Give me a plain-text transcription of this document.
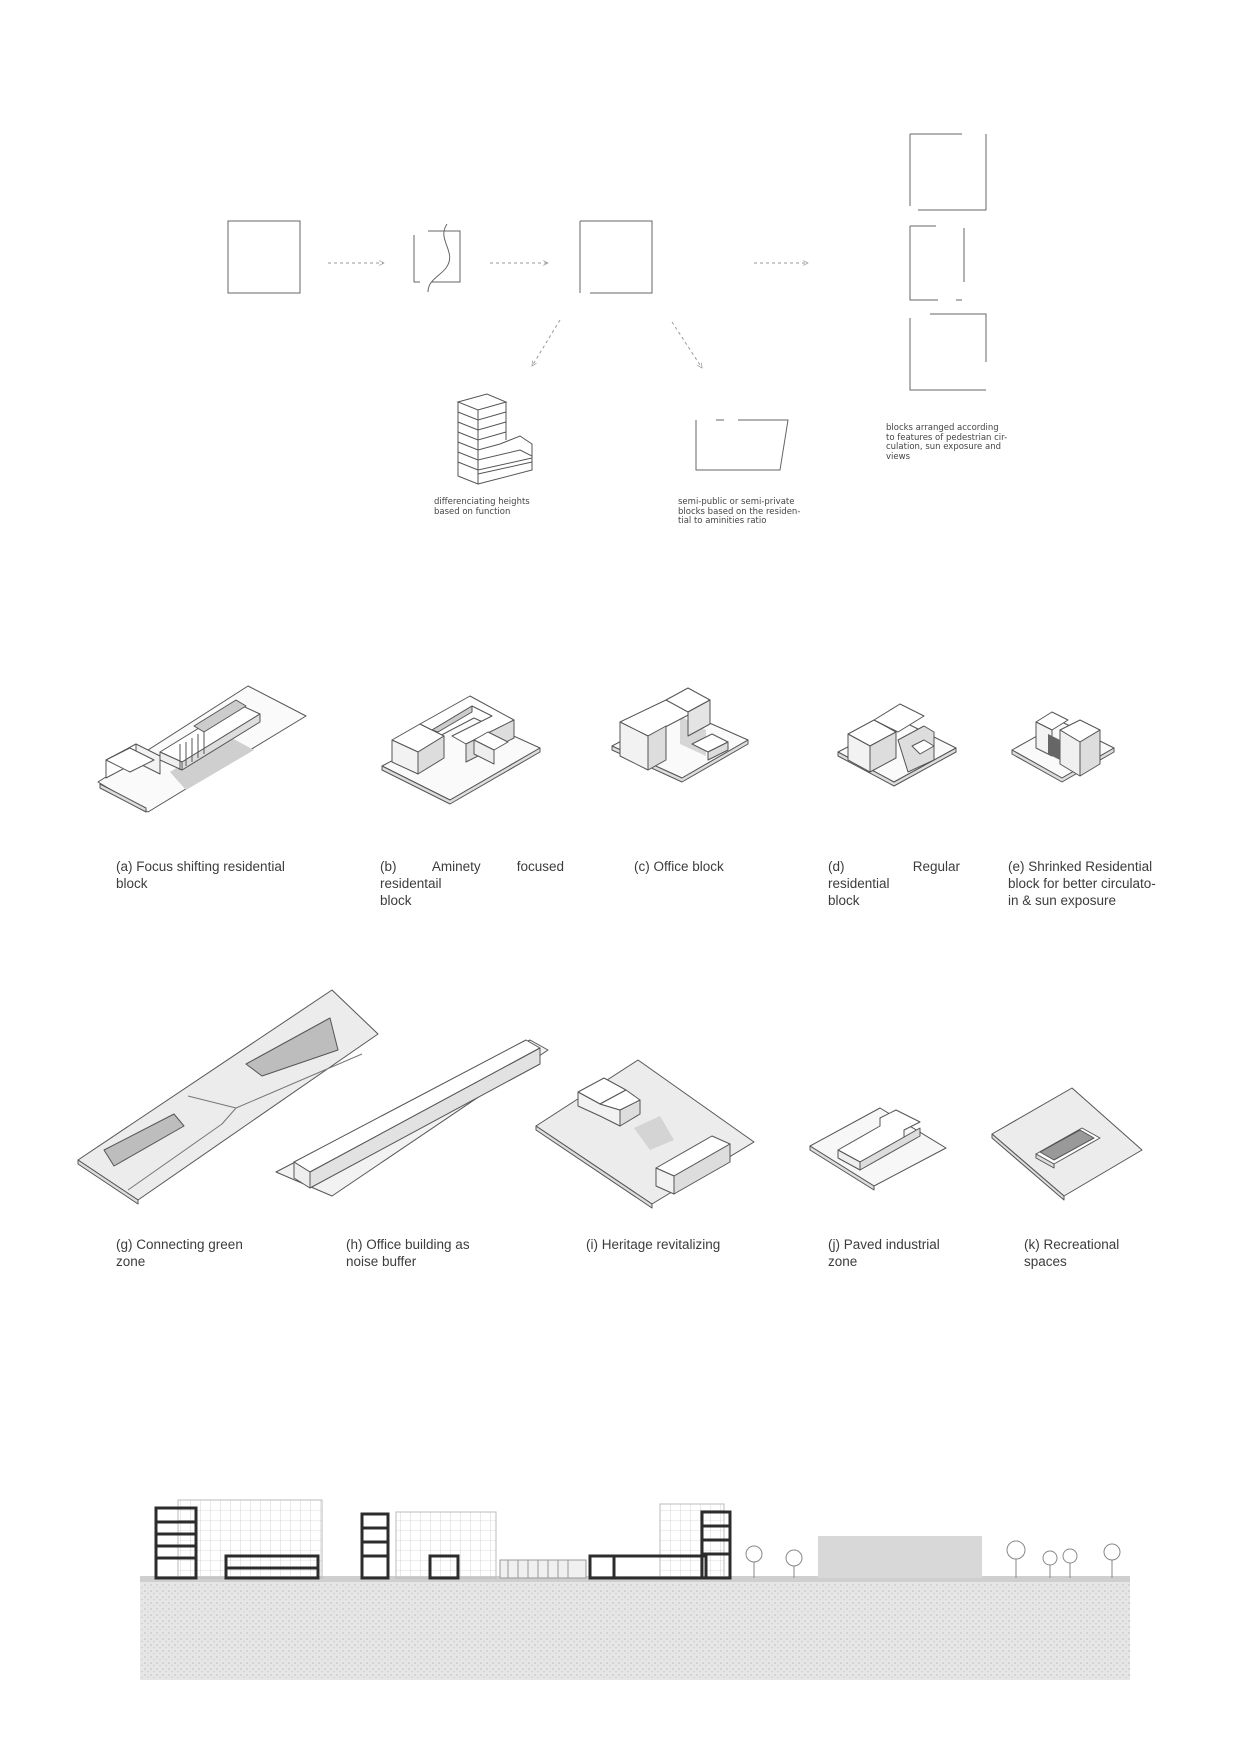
differenciating heights
based on function
semi-public or semi-private
blocks based on the residen-
tial to aminities ratio
blocks arranged according
to features of pedestrian cir-
culation, sun exposure and
views
(a) Focus shifting residential
block
(b) Aminety focused residentail
block
(c) Office block	(d) Regular residential
block
(e) Shrinked Residential
block for better circulato-
in & sun exposure
(g) Connecting green
zone
(h) Office building as
noise buffer
(i) Heritage revitalizing	(j) Paved industrial
zone
(k) Recreational
spaces
